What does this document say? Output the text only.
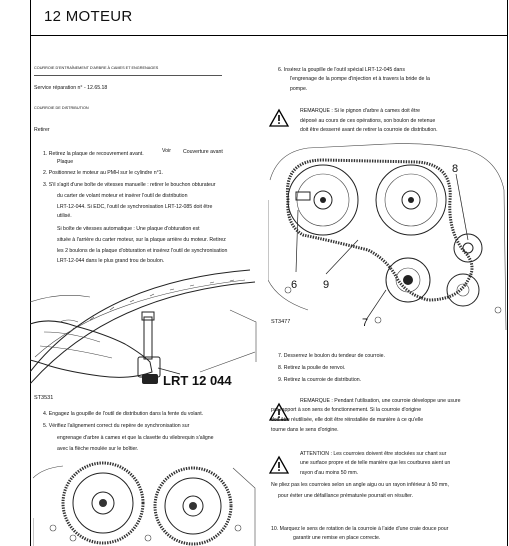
12 MOTEUR
COURROIE D'ENTRAÎNEMENT D'ARBRE À CAMES ET ENGRENAGES
Service réparation n° - 12.65.18
COURROIE DE DISTRIBUTION
Retirer
1. Retirez la plaque de recouvrement avant.	Voir Couverture avant
Plaque
2. Positionnez le moteur au PMH sur le cylindre n°1.
3. S'il s'agit d'une boîte de vitesses manuelle : retirer le bouchon obturateur
du carter de volant moteur et insérer l'outil de distribution
LRT-12-044. Si EDC, l'outil de synchronisation LRT-12-085 doit être
utilisé.
Si boîte de vitesses automatique : Une plaque d'obturation est
située à l'arrière du carter moteur, sur la plaque arrière du moteur. Retirez
les 2 boulons de la plaque d'obturation et insérez l'outil de synchronisation
LRT-12-044 dans le plus grand trou de boulon.
LRT 12 044
ST3531
4. Engagez la goupille de l'outil de distribution dans la fente du volant.
5. Vérifiez l'alignement correct du repère de synchronisation sur
engrenage d'arbre à cames et que la clavette du vilebrequin s'aligne
avec la flèche moulée sur le boîtier.
6. Insérez la goupille de l'outil spécial LRT-12-045 dans
l'engrenage de la pompe d'injection et à travers la bride de la
pompe.
REMARQUE : Si le pignon d'arbre à cames doit être
déposé au cours de ces opérations, son boulon de retenue
doit être desserré avant de retirer la courroie de distribution.
8
6 9
7
ST3477
7. Desserrez le boulon du tendeur de courroie.
8. Retirez la poulie de renvoi.
9. Retirez la courroie de distribution.
REMARQUE : Pendant l'utilisation, une courroie développe une usure
par rapport à son sens de fonctionnement. Si la courroie d'origine
doit être réutilisée, elle doit être réinstallée de manière à ce qu'elle
tourne dans le sens d'origine.
ATTENTION : Les courroies doivent être stockées sur chant sur
une surface propre et de telle manière que les courbures aient un
rayon d'au moins 50 mm.
Ne pliez pas les courroies selon un angle aigu ou un rayon inférieur à 50 mm,
pour éviter une défaillance prématurée pourrait en résulter.
10. Marquez le sens de rotation de la courroie à l'aide d'une craie douce pour
garantir une remise en place correcte.
